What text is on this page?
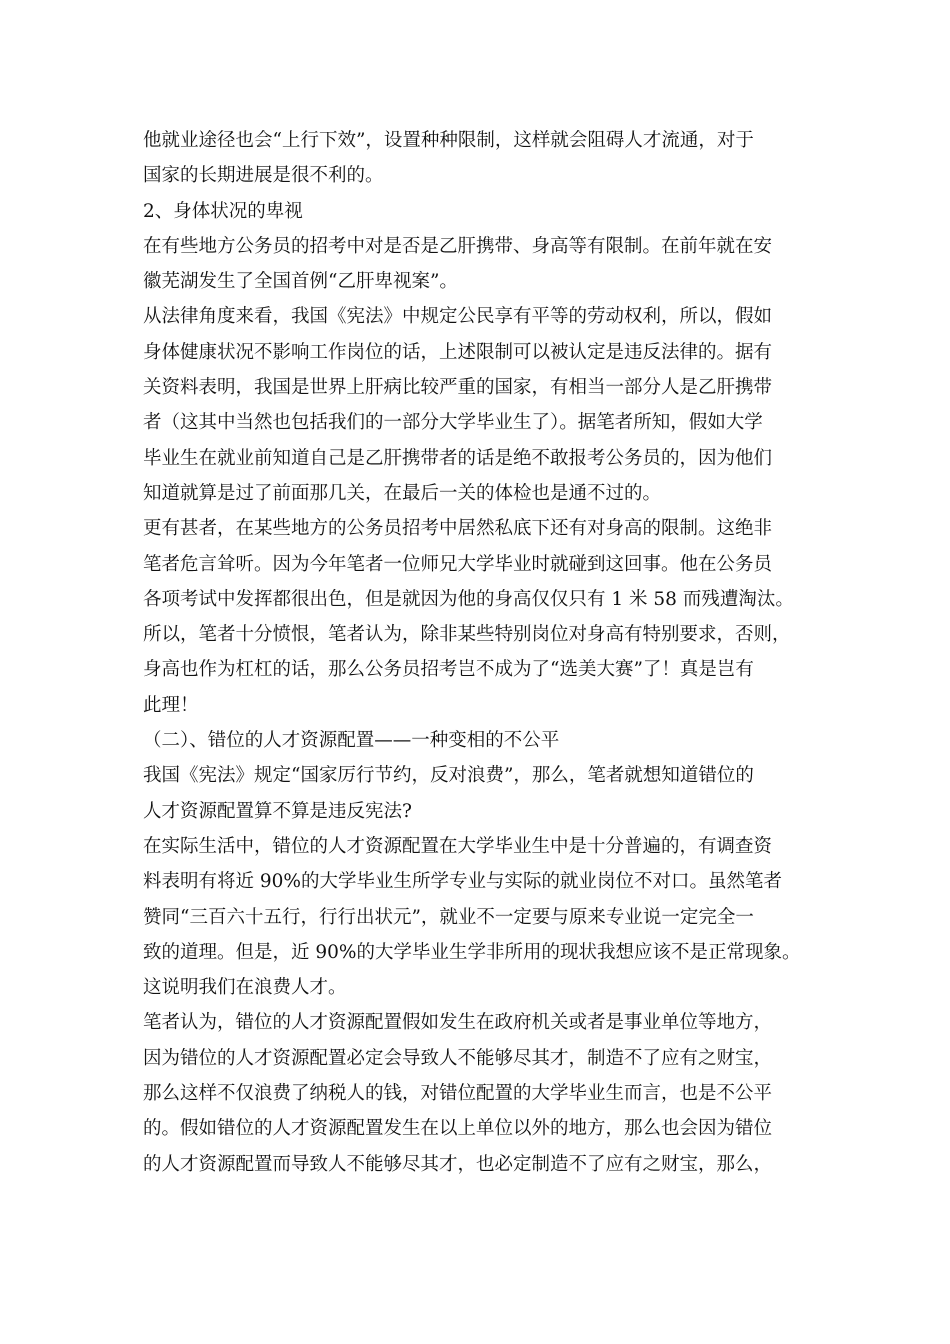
他就业途径也会“上行下效”，设置种种限制，这样就会阻碍人才流通，对于
国家的长期进展是很不利的。
2、身体状况的卑视
在有些地方公务员的招考中对是否是乙肝携带、身高等有限制。在前年就在安
徽芜湖发生了全国首例“乙肝卑视案”。
从法律角度来看，我国《宪法》中规定公民享有平等的劳动权利，所以，假如
身体健康状况不影响工作岗位的话，上述限制可以被认定是违反法律的。据有
关资料表明，我国是世界上肝病比较严重的国家，有相当一部分人是乙肝携带
者（这其中当然也包括我们的一部分大学毕业生了）。据笔者所知，假如大学
毕业生在就业前知道自己是乙肝携带者的话是绝不敢报考公务员的，因为他们
知道就算是过了前面那几关，在最后一关的体检也是通不过的。
更有甚者，在某些地方的公务员招考中居然私底下还有对身高的限制。这绝非
笔者危言耸听。因为今年笔者一位师兄大学毕业时就碰到这回事。他在公务员
各项考试中发挥都很出色，但是就因为他的身高仅仅只有 1 米 58 而残遭淘汰。
所以，笔者十分愤恨，笔者认为，除非某些特别岗位对身高有特别要求，否则，
身高也作为杠杠的话，那么公务员招考岂不成为了“选美大赛”了！真是岂有
此理！
（二）、错位的人才资源配置——一种变相的不公平
我国《宪法》规定“国家厉行节约，反对浪费”，那么，笔者就想知道错位的
人才资源配置算不算是违反宪法?
在实际生活中，错位的人才资源配置在大学毕业生中是十分普遍的，有调查资
料表明有将近 90%的大学毕业生所学专业与实际的就业岗位不对口。虽然笔者
赞同“三百六十五行，行行出状元”，就业不一定要与原来专业说一定完全一
致的道理。但是，近 90%的大学毕业生学非所用的现状我想应该不是正常现象。
这说明我们在浪费人才。
笔者认为，错位的人才资源配置假如发生在政府机关或者是事业单位等地方，
因为错位的人才资源配置必定会导致人不能够尽其才，制造不了应有之财宝，
那么这样不仅浪费了纳税人的钱，对错位配置的大学毕业生而言，也是不公平
的。假如错位的人才资源配置发生在以上单位以外的地方，那么也会因为错位
的人才资源配置而导致人不能够尽其才，也必定制造不了应有之财宝，那么，
